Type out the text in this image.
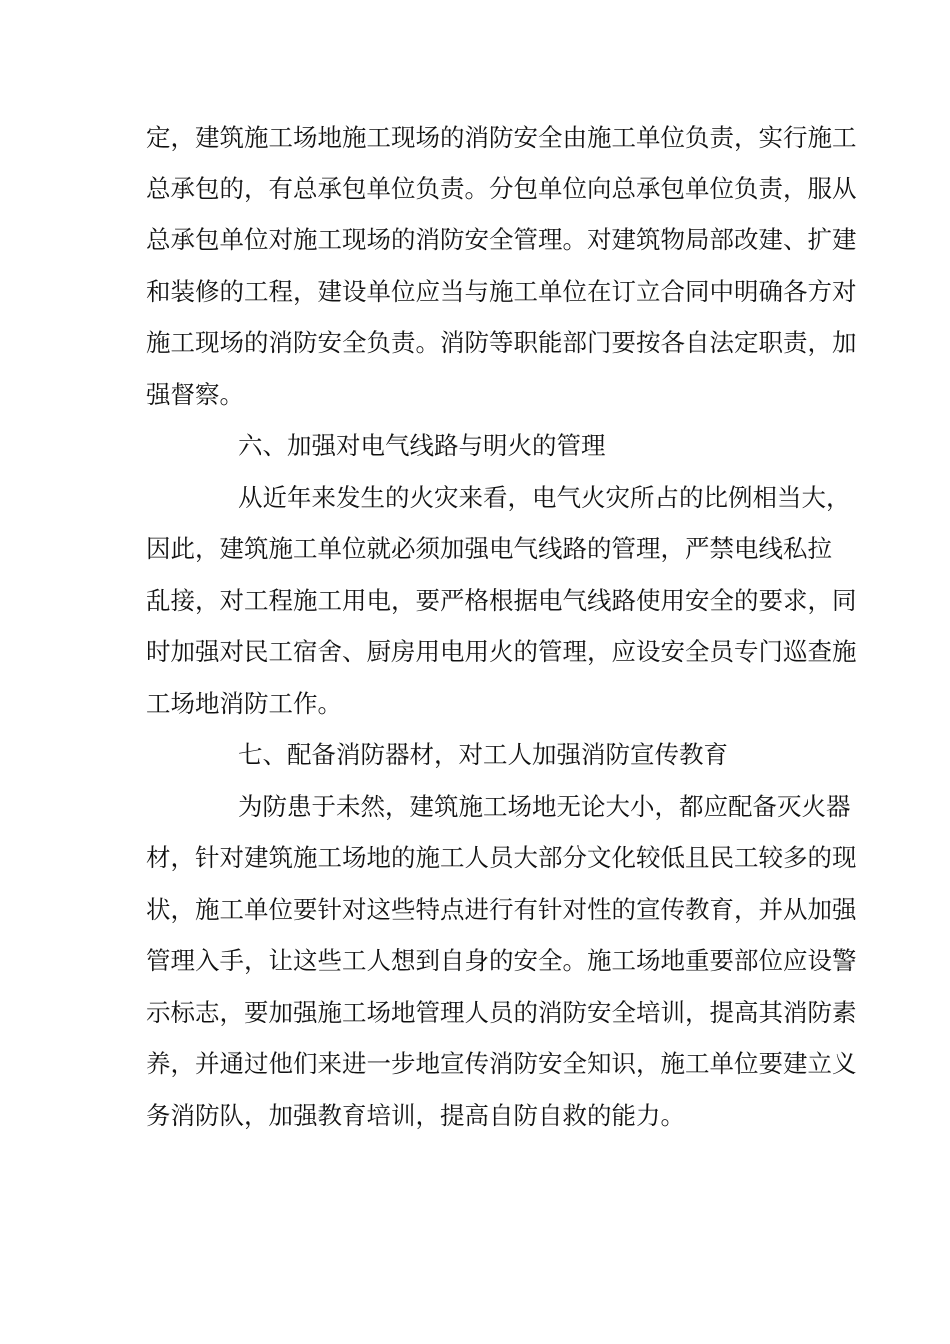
定，建筑施工场地施工现场的消防安全由施工单位负责，实行施工
总承包的，有总承包单位负责。分包单位向总承包单位负责，服从
总承包单位对施工现场的消防安全管理。对建筑物局部改建、扩建
和装修的工程，建设单位应当与施工单位在订立合同中明确各方对
施工现场的消防安全负责。消防等职能部门要按各自法定职责，加
强督察。
六、加强对电气线路与明火的管理
从近年来发生的火灾来看，电气火灾所占的比例相当大，
因此，建筑施工单位就必须加强电气线路的管理，严禁电线私拉
乱接，对工程施工用电，要严格根据电气线路使用安全的要求，同
时加强对民工宿舍、厨房用电用火的管理，应设安全员专门巡查施
工场地消防工作。
七、配备消防器材，对工人加强消防宣传教育
为防患于未然，建筑施工场地无论大小，都应配备灭火器
材，针对建筑施工场地的施工人员大部分文化较低且民工较多的现
状，施工单位要针对这些特点进行有针对性的宣传教育，并从加强
管理入手，让这些工人想到自身的安全。施工场地重要部位应设警
示标志，要加强施工场地管理人员的消防安全培训，提高其消防素
养，并通过他们来进一步地宣传消防安全知识，施工单位要建立义
务消防队，加强教育培训，提高自防自救的能力。
